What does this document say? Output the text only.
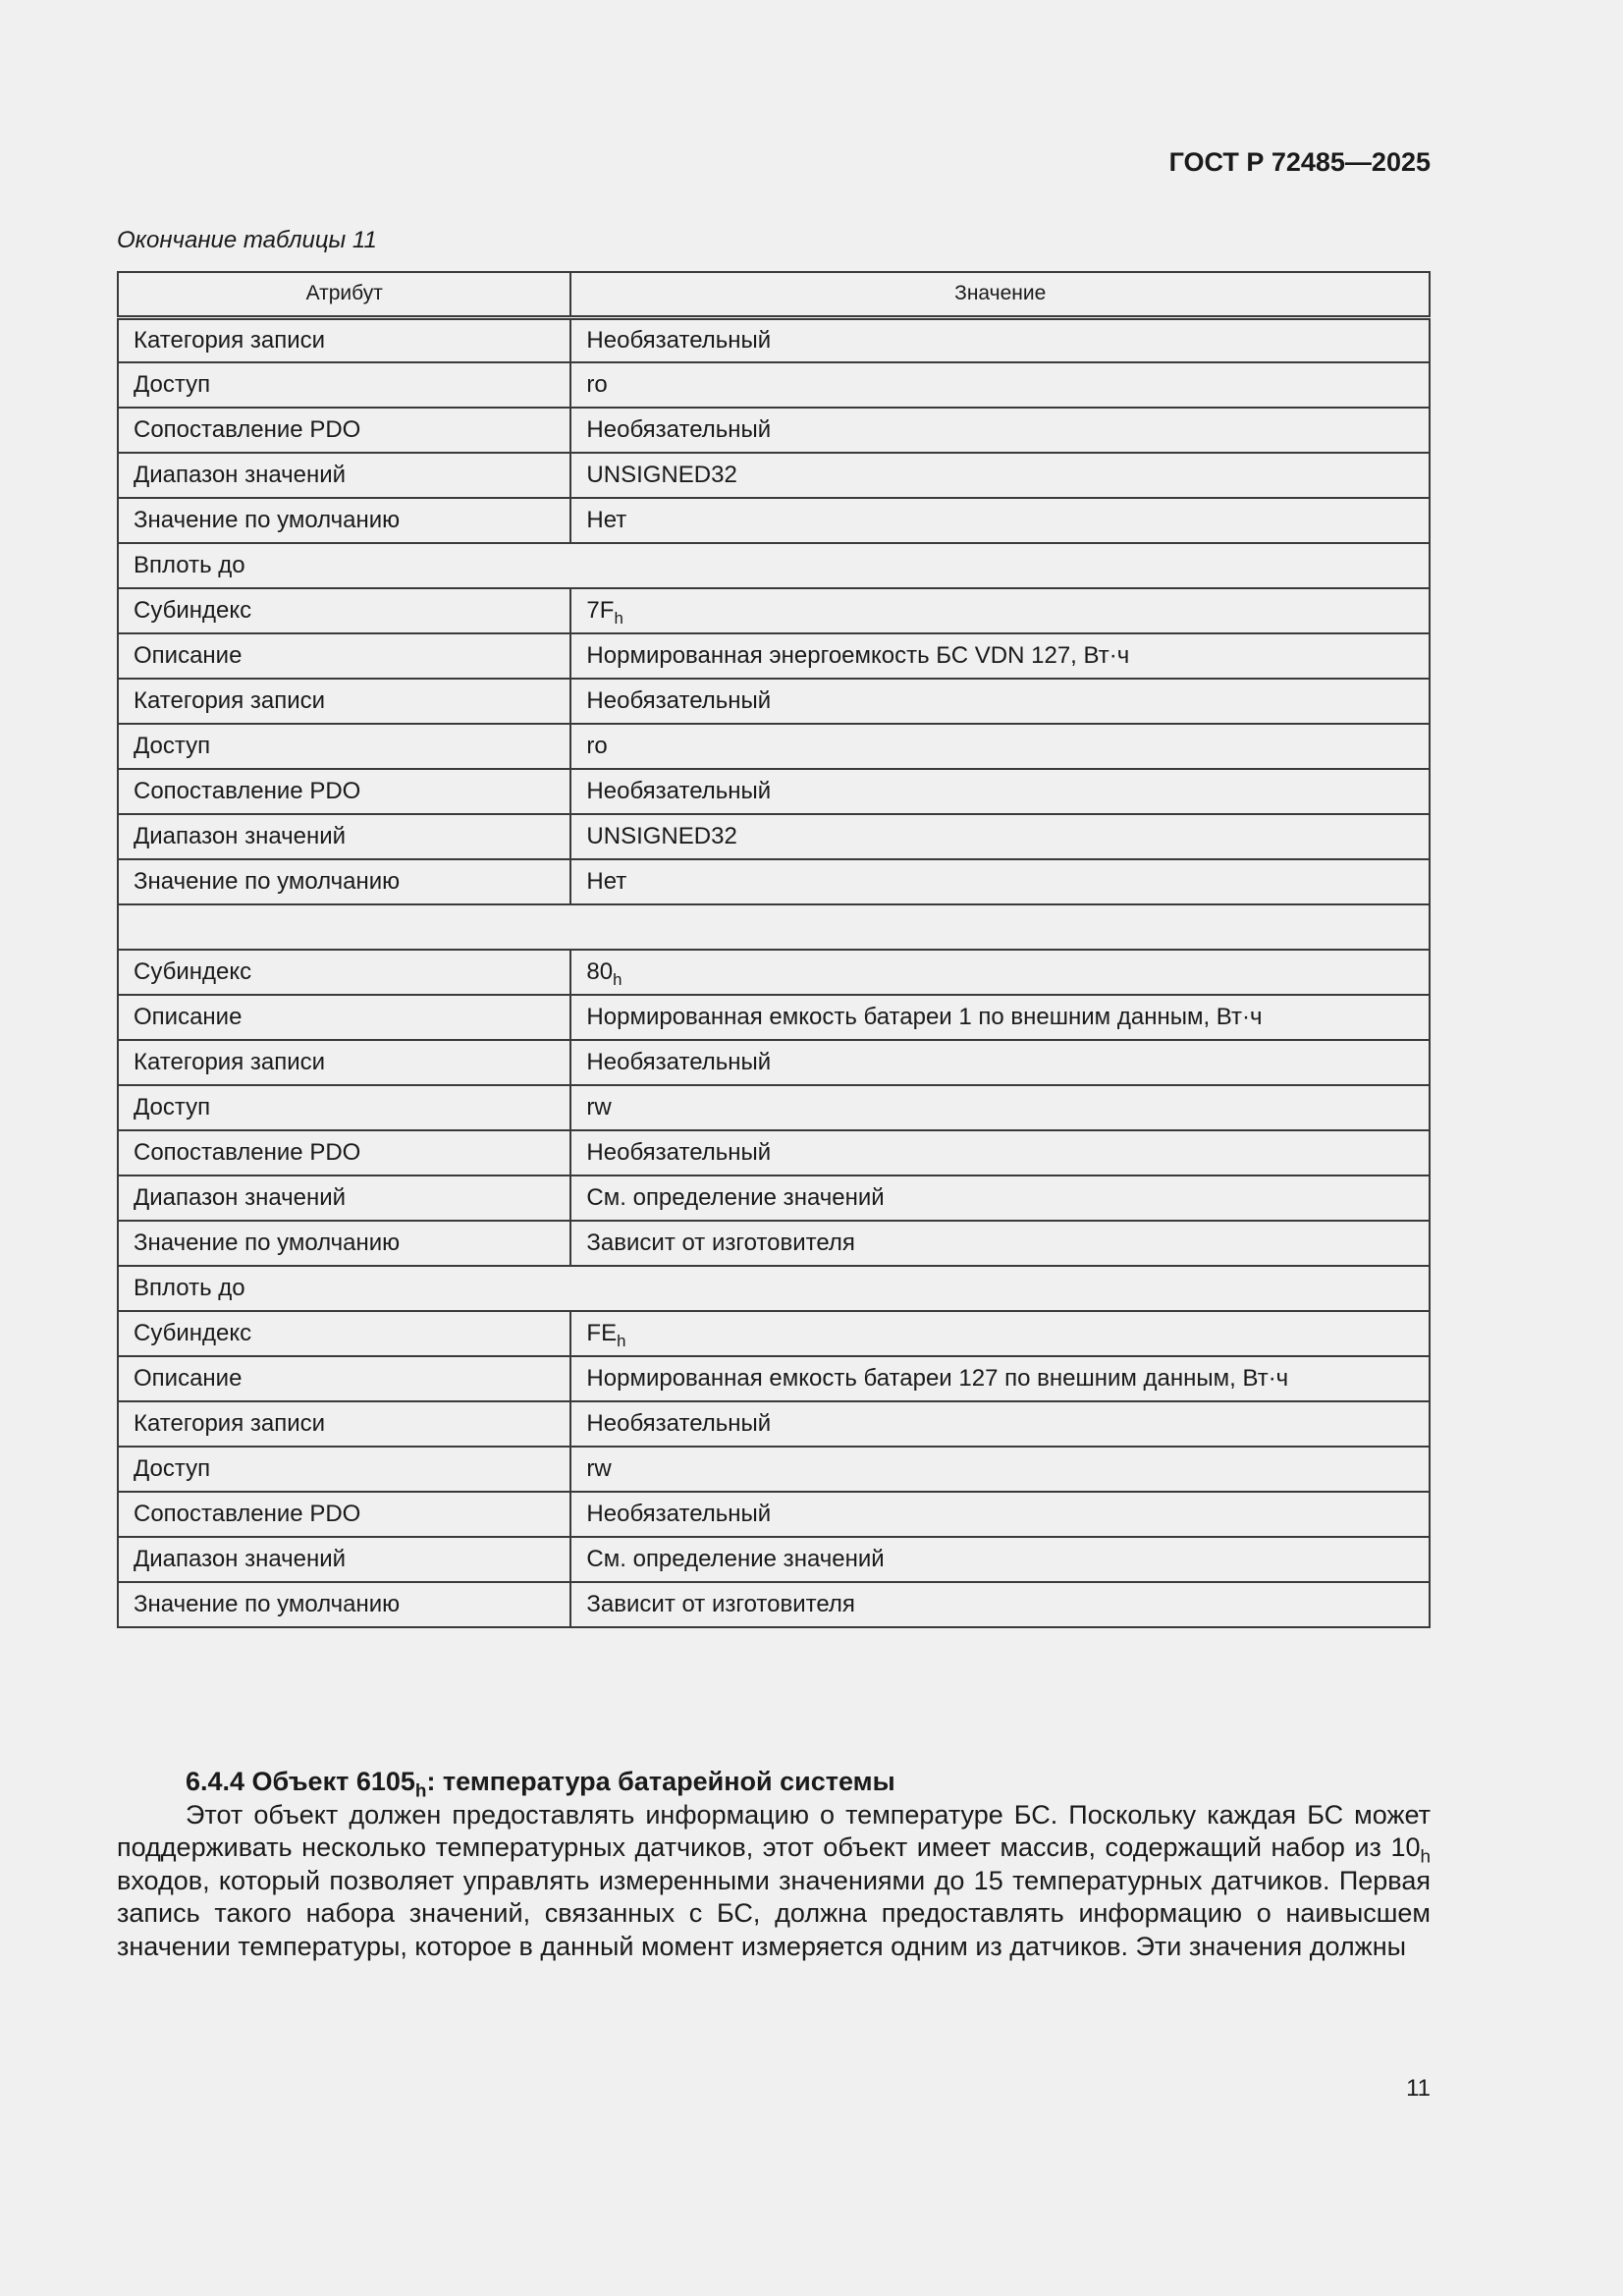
ГОСТ Р 72485—2025
Окончание таблицы 11
Атрибут	Значение
Категория записи	Необязательный
Доступ	ro
Сопоставление PDO	Необязательный
Диапазон значений	UNSIGNED32
Значение по умолчанию	Нет
Вплоть до	
Субиндекс	$7F_h$
Описание	Нормированная энергоемкость БС VDN 127, Вт·ч
Категория записи	Необязательный
Доступ	ro
Сопоставление PDO	Необязательный
Диапазон значений	UNSIGNED32
Значение по умолчанию	Нет

Субиндекс	$80_h$
Описание	Нормированная емкость батареи 1 по внешним данным, Вт·ч
Категория записи	Необязательный
Доступ	rw
Сопоставление PDO	Необязательный
Диапазон значений	См. определение значений
Значение по умолчанию	Зависит от изготовителя
Вплоть до	
Субиндекс	$FE_h$
Описание	Нормированная емкость батареи 127 по внешним данным, Вт·ч
Категория записи	Необязательный
Доступ	rw
Сопоставление PDO	Необязательный
Диапазон значений	См. определение значений
Значение по умолчанию	Зависит от изготовителя
6.4.4 Объект $6105_h$: температура батарейной системы

Этот объект должен предоставлять информацию о температуре БС. Поскольку каждая БС может поддерживать несколько температурных датчиков, этот объект имеет массив, содержащий набор из $10_h$ входов, который позволяет управлять измеренными значениями до 15 температурных датчиков. Первая запись такого набора значений, связанных с БС, должна предоставлять информацию о наивысшем значении температуры, которое в данный момент измеряется одним из датчиков. Эти значения должны

11
